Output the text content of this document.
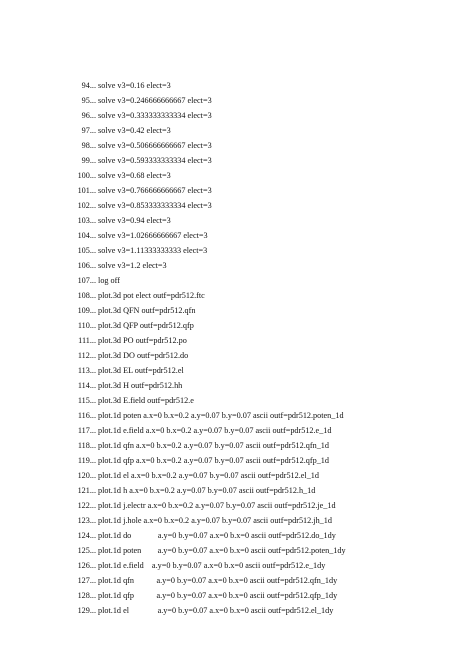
94... solve v3=0.16 elect=3
95... solve v3=0.246666666667 elect=3
96... solve v3=0.333333333334 elect=3
97... solve v3=0.42 elect=3
98... solve v3=0.506666666667 elect=3
99... solve v3=0.593333333334 elect=3
100... solve v3=0.68 elect=3
101... solve v3=0.766666666667 elect=3
102... solve v3=0.853333333334 elect=3
103... solve v3=0.94 elect=3
104... solve v3=1.02666666667 elect=3
105... solve v3=1.11333333333 elect=3
106... solve v3=1.2 elect=3
107... log off
108... plot.3d pot elect outf=pdr512.ftc
109... plot.3d QFN outf=pdr512.qfn
110... plot.3d QFP outf=pdr512.qfp
111... plot.3d PO outf=pdr512.po
112... plot.3d DO outf=pdr512.do
113... plot.3d EL outf=pdr512.el
114... plot.3d H outf=pdr512.hh
115... plot.3d E.field outf=pdr512.e
116... plot.1d poten a.x=0 b.x=0.2 a.y=0.07 b.y=0.07 ascii outf=pdr512.poten_1d
117... plot.1d e.field a.x=0 b.x=0.2 a.y=0.07 b.y=0.07 ascii outf=pdr512.e_1d
118... plot.1d qfn a.x=0 b.x=0.2 a.y=0.07 b.y=0.07 ascii outf=pdr512.qfn_1d
119... plot.1d qfp a.x=0 b.x=0.2 a.y=0.07 b.y=0.07 ascii outf=pdr512.qfp_1d
120... plot.1d el a.x=0 b.x=0.2 a.y=0.07 b.y=0.07 ascii outf=pdr512.el_1d
121... plot.1d h a.x=0 b.x=0.2 a.y=0.07 b.y=0.07 ascii outf=pdr512.h_1d
122... plot.1d j.electr a.x=0 b.x=0.2 a.y=0.07 b.y=0.07 ascii outf=pdr512.je_1d
123... plot.1d j.hole a.x=0 b.x=0.2 a.y=0.07 b.y=0.07 ascii outf=pdr512.jh_1d
124... plot.1d do             a.y=0 b.y=0.07 a.x=0 b.x=0 ascii outf=pdr512.do_1dy
125... plot.1d poten        a.y=0 b.y=0.07 a.x=0 b.x=0 ascii outf=pdr512.poten_1dy
126... plot.1d e.field    a.y=0 b.y=0.07 a.x=0 b.x=0 ascii outf=pdr512.e_1dy
127... plot.1d qfn           a.y=0 b.y=0.07 a.x=0 b.x=0 ascii outf=pdr512.qfn_1dy
128... plot.1d qfp           a.y=0 b.y=0.07 a.x=0 b.x=0 ascii outf=pdr512.qfp_1dy
129... plot.1d el              a.y=0 b.y=0.07 a.x=0 b.x=0 ascii outf=pdr512.el_1dy
